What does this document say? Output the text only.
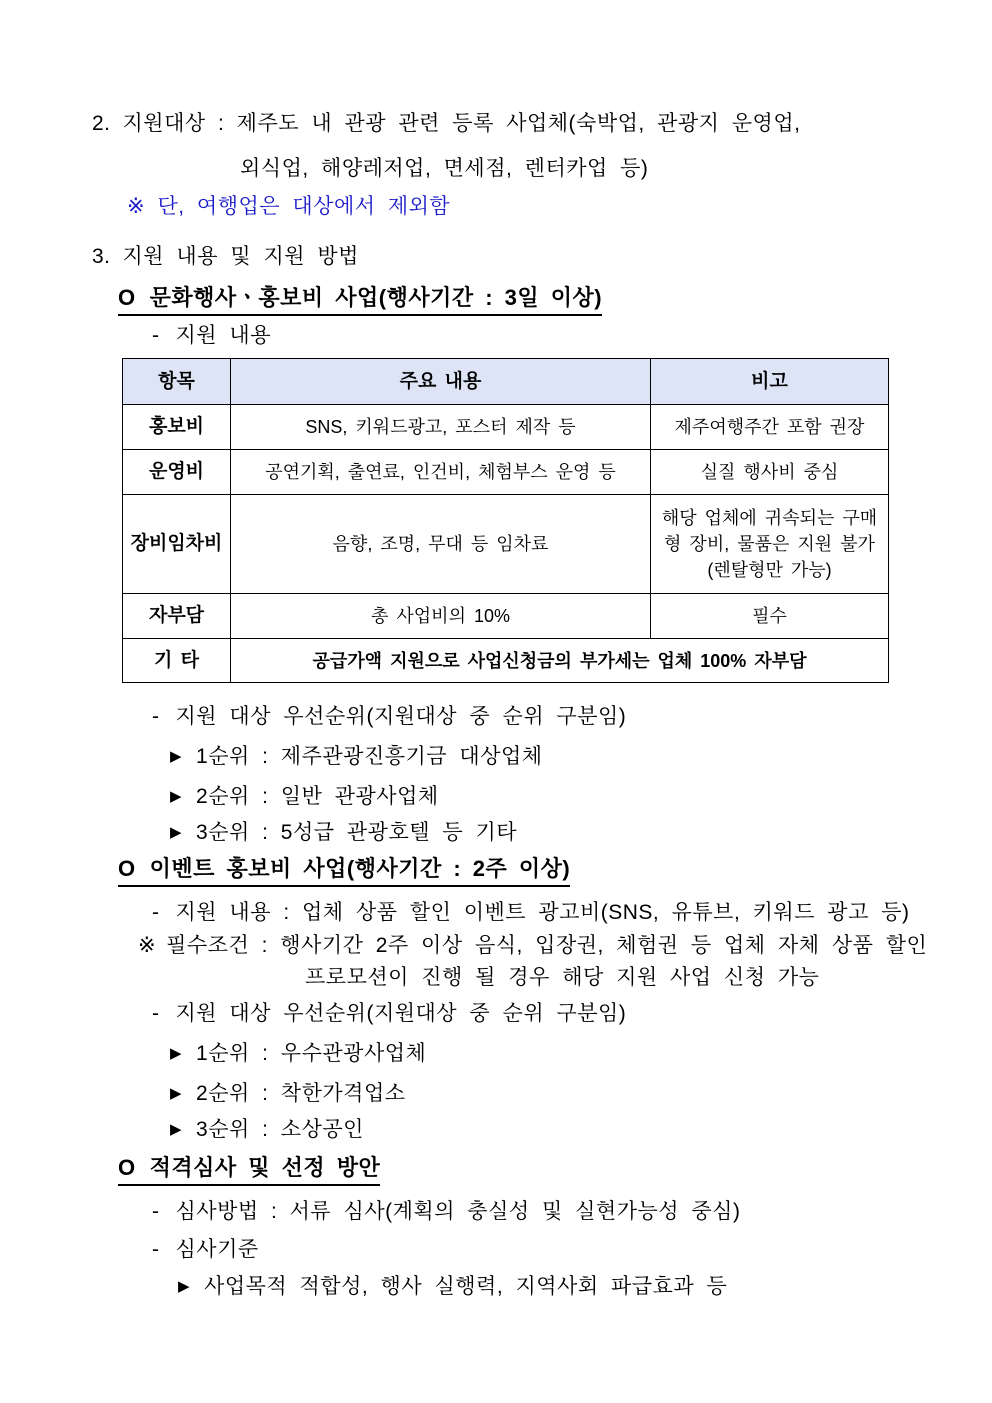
2. 지원대상 : 제주도 내 관광 관련 등록 사업체(숙박업, 관광지 운영업,
외식업, 해양레저업, 면세점, 렌터카업 등)
※ 단, 여행업은 대상에서 제외함
3. 지원 내용 및 지원 방법
O 문화행사ㆍ홍보비 사업(행사기간 : 3일 이상)
- 지원 내용
항목	주요 내용	비고
홍보비	SNS, 키워드광고, 포스터 제작 등	제주여행주간 포함 권장
운영비	공연기획, 출연료, 인건비, 체험부스 운영 등	실질 행사비 중심
장비임차비	음향, 조명, 무대 등 임차료	해당 업체에 귀속되는 구매형 장비, 물품은 지원 불가(렌탈형만 가능)
자부담	총 사업비의 10%	필수
기 타	공급가액 지원으로 사업신청금의 부가세는 업체 100% 자부담	
- 지원 대상 우선순위(지원대상 중 순위 구분임)
▶ 1순위 : 제주관광진흥기금 대상업체
▶ 2순위 : 일반 관광사업체
▶ 3순위 : 5성급 관광호텔 등 기타
O 이벤트 홍보비 사업(행사기간 : 2주 이상)
- 지원 내용 : 업체 상품 할인 이벤트 광고비(SNS, 유튜브, 키워드 광고 등)
※ 필수조건 : 행사기간 2주 이상 음식, 입장권, 체험권 등 업체 자체 상품 할인
프로모션이 진행 될 경우 해당 지원 사업 신청 가능
- 지원 대상 우선순위(지원대상 중 순위 구분임)
▶ 1순위 : 우수관광사업체
▶ 2순위 : 착한가격업소
▶ 3순위 : 소상공인
O 적격심사 및 선정 방안
- 심사방법 : 서류 심사(계획의 충실성 및 실현가능성 중심)
- 심사기준
▶ 사업목적 적합성, 행사 실행력, 지역사회 파급효과 등
